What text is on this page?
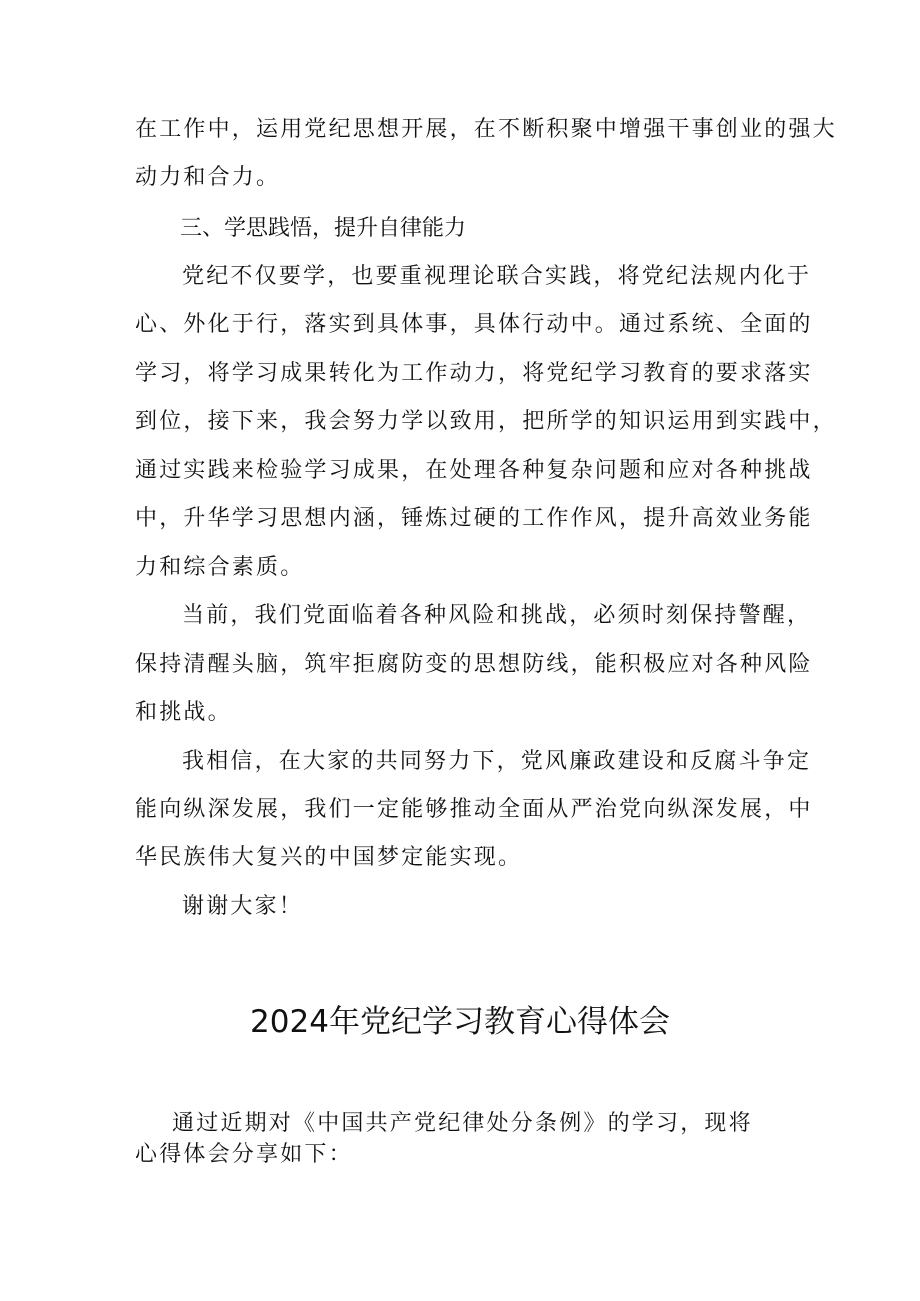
在工作中，运用党纪思想开展，在不断积聚中增强干事创业的强大
动力和合力。
三、学思践悟，提升自律能力
党纪不仅要学，也要重视理论联合实践，将党纪法规内化于
心、外化于行，落实到具体事，具体行动中。通过系统、全面的
学习，将学习成果转化为工作动力，将党纪学习教育的要求落实
到位，接下来，我会努力学以致用，把所学的知识运用到实践中，
通过实践来检验学习成果，在处理各种复杂问题和应对各种挑战
中，升华学习思想内涵，锤炼过硬的工作作风，提升高效业务能
力和综合素质。
当前，我们党面临着各种风险和挑战，必须时刻保持警醒，
保持清醒头脑，筑牢拒腐防变的思想防线，能积极应对各种风险
和挑战。
我相信，在大家的共同努力下，党风廉政建设和反腐斗争定
能向纵深发展，我们一定能够推动全面从严治党向纵深发展，中
华民族伟大复兴的中国梦定能实现。
谢谢大家！
2024年党纪学习教育心得体会
通过近期对《中国共产党纪律处分条例》的学习，现将
心得体会分享如下：
